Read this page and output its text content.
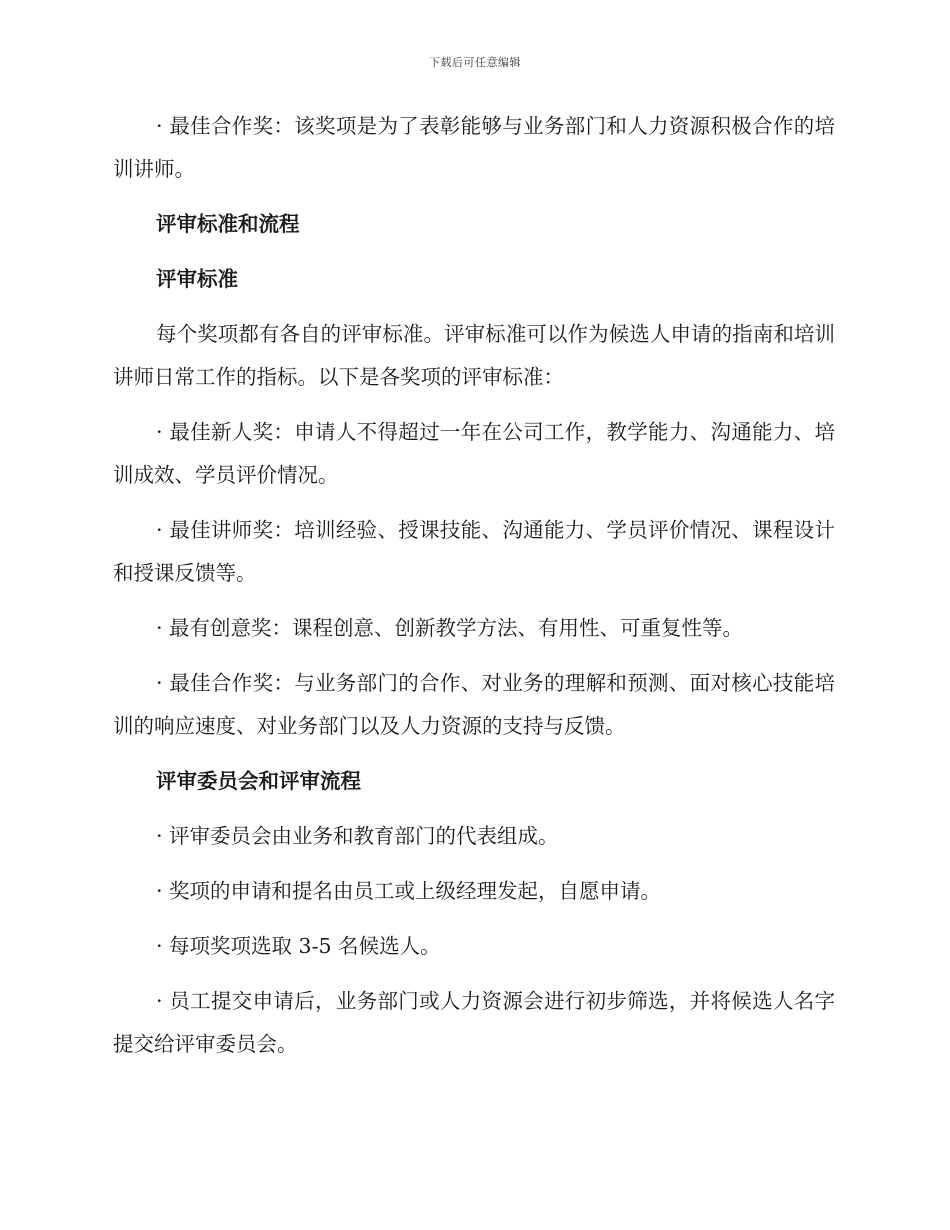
下载后可任意编辑

· 最佳合作奖：该奖项是为了表彰能够与业务部门和人力资源积极合作的培训讲师。

评审标准和流程

评审标准

每个奖项都有各自的评审标准。评审标准可以作为候选人申请的指南和培训讲师日常工作的指标。以下是各奖项的评审标准：

· 最佳新人奖：申请人不得超过一年在公司工作，教学能力、沟通能力、培训成效、学员评价情况。

· 最佳讲师奖：培训经验、授课技能、沟通能力、学员评价情况、课程设计和授课反馈等。

· 最有创意奖：课程创意、创新教学方法、有用性、可重复性等。

· 最佳合作奖：与业务部门的合作、对业务的理解和预测、面对核心技能培训的响应速度、对业务部门以及人力资源的支持与反馈。

评审委员会和评审流程

· 评审委员会由业务和教育部门的代表组成。

· 奖项的申请和提名由员工或上级经理发起，自愿申请。

· 每项奖项选取 3-5 名候选人。

· 员工提交申请后，业务部门或人力资源会进行初步筛选，并将候选人名字提交给评审委员会。
